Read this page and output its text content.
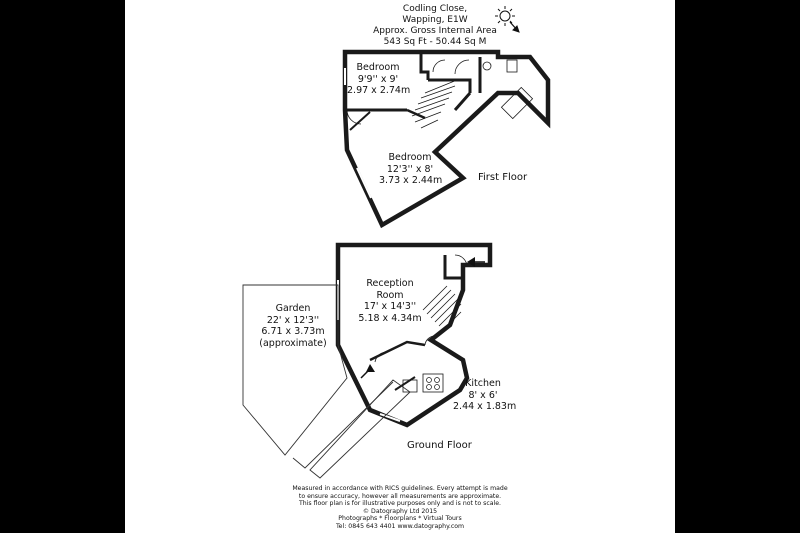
Codling Close,
Wapping, E1W
Approx. Gross Internal Area
543 Sq Ft - 50.44 Sq M
Bedroom
9'9'' x 9'
2.97 x 2.74m
Bedroom
12'3'' x 8'
3.73 x 2.44m	First Floor
Reception
Room
17' x 14'3''
5.18 x 4.34m
Kitchen
8' x 6'
2.44 x 1.83m
Garden
22' x 12'3''
6.71 x 3.73m
(approximate)
Ground Floor
Measured in accordance with RICS guidelines. Every attempt is made
to ensure accuracy, however all measurements are approximate.
This floor plan is for illustrative purposes only and is not to scale.
© Datography Ltd 2015
Photographs * Floorplans * Virtual Tours
Tel: 0845 643 4401 www.datography.com
